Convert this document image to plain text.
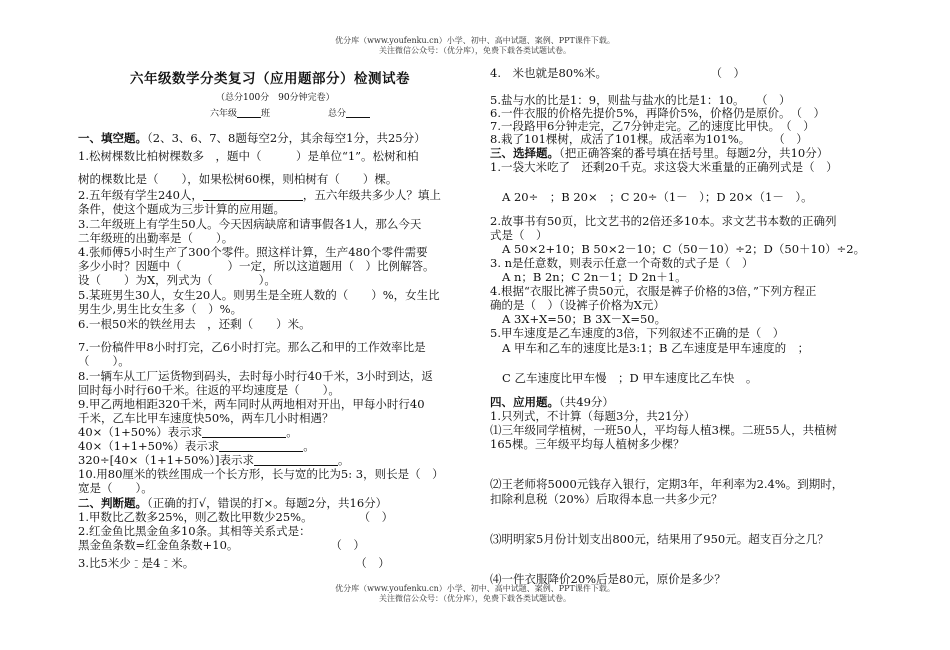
优分库（www.youfenku.cn）小学、初中、高中试题、案例、PPT课件下载。
关注微信公众号：（优分库），免费下载各类试题试卷。
六年级数学分类复习（应用题部分）检测试卷
（总分100分　90分钟完卷）
六年级	班	总分
一、填空题。（2、3、6、7、8题每空2分，其余每空1分，共25分）
1.松树棵数比柏树棵数多　，题中（　　　）是单位“1”。松树和柏
树的棵数比是（　　），如果松树60棵，则柏树有（　　）棵。
2.五年级有学生240人，	，五六年级共多少人？填上
条件，使这个题成为三步计算的应用题。
3.二年级班上有学生50人。今天因病缺席和请事假各1人，那么今天
二年级班的出勤率是（　　）。
4.张师傅5小时生产了300个零件。照这样计算，生产480个零件需要
多少小时？因题中（　　　　）一定，所以这道题用（　）比例解答。
设（　　）为X，列式为（　　　　）。
5.某班男生30人，女生20人。则男生是全班人数的（　　）%，女生比
男生少,男生比女生多（　）%。
6.一根50米的铁丝用去　，还剩（　　）米。
7.一份稿件甲8小时打完，乙6小时打完。那么乙和甲的工作效率比是
（　　）。
8.一辆车从工厂运货物到码头，去时每小时行40千米，3小时到达，返
回时每小时行60千米。往返的平均速度是（　　）。
9.甲乙两地相距320千米，两车同时从两地相对开出，甲每小时行40
千米，乙车比甲车速度快50%，两车几小时相遇？
40×（1+50%）表示求	。
40×（1+1+50%）表示求	。
320÷[40×（1+1+50%）]表示求	。
10.用80厘米的铁丝围成一个长方形，长与宽的比为5: 3，则长是（　）
宽是（　　）。
二、判断题。（正确的打√，错误的打×。每题2分，共16分）
1.甲数比乙数多25%，则乙数比甲数少25%。　　　　　（　）
2.红金鱼比黑金鱼多10条。其相等关系式是：
黑金鱼条数=红金鱼条数+10。　　　　　　　　　（　）
3.比5米少 –
– 是4 –
– 米。　　　　　　　　　　　　　　　（　）
4.　米也就是80%米。　　　　　　　　　　（　）
5.盐与水的比是1：9，则盐与盐水的比是1：10。　　（　）
6.一件衣服的价格先提价5%，再降价5%，价格仍是原价。　（　）
7.一段路甲6分钟走完，乙7分钟走完。乙的速度比甲快。　（　）
8.栽了101棵树，成活了101棵。成活率为101%。　　　（　）
三、选择题。（把正确答案的番号填在括号里。每题2分，共10分）
1.一袋大米吃了　还剩20千克。求这袋大米重量的正确列式是（　）
A 20÷　；B 20×　；C 20÷（1－　）；D 20×（1－　）。
2.故事书有50页，比文艺书的2倍还多10本。求文艺书本数的正确列
式是（　）
A 50×2+10；B 50×2－10；C（50－10）÷2；D（50＋10）÷2。
3. n是任意数，则表示任意一个奇数的式子是（　）
A n；B 2n；C 2n－1；D 2n＋1。
4.根据“衣服比裤子贵50元，衣服是裤子价格的3倍，”下列方程正
确的是（　）（设裤子价格为X元）
A 3X+X=50；B 3X－X=50。
5.甲车速度是乙车速度的3倍，下列叙述不正确的是（　）
A 甲车和乙车的速度比是3:1；B 乙车速度是甲车速度的　；
C 乙车速度比甲车慢　；D 甲车速度比乙车快　。
四、应用题。（共49分）
1.只列式，不计算（每题3分，共21分）
⑴三年级同学植树，一班50人，平均每人植3棵。二班55人，共植树
165棵。三年级平均每人植树多少棵？
⑵王老师将5000元钱存入银行，定期3年，年利率为2.4%。到期时，
扣除利息税（20%）后取得本息一共多少元？
⑶明明家5月份计划支出800元，结果用了950元。超支百分之几？
⑷一件衣服降价20%后是80元，原价是多少？
优分库（www.youfenku.cn）小学、初中、高中试题、案例、PPT课件下载。
关注微信公众号：（优分库），免费下载各类试题试卷。
